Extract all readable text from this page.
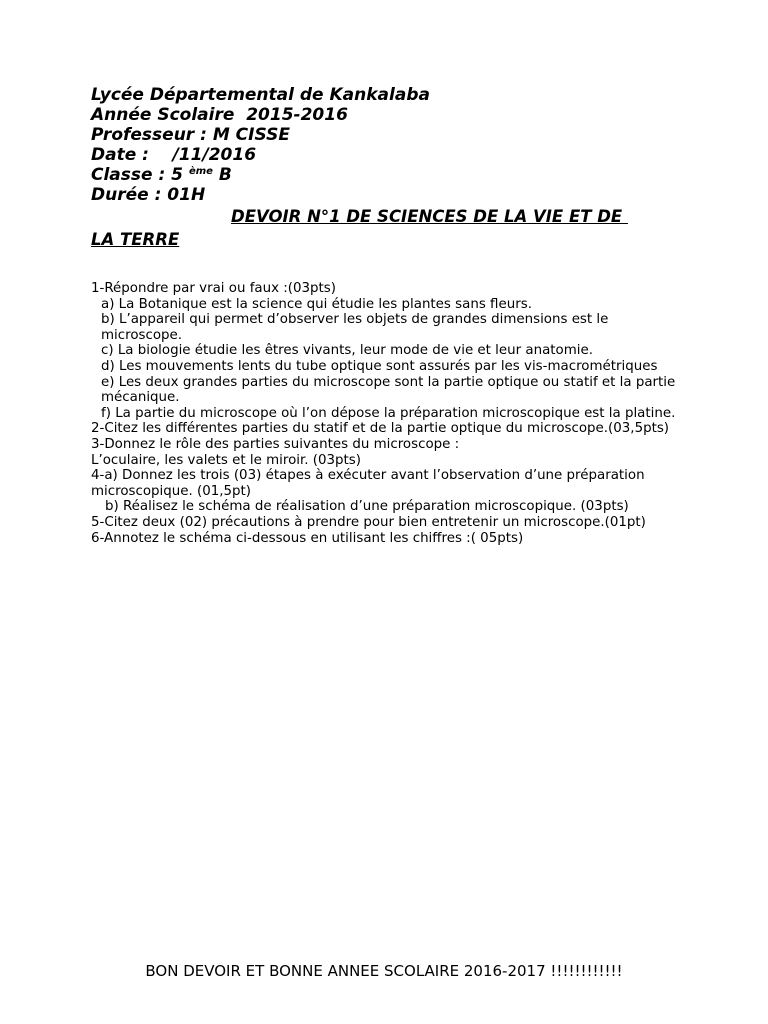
Lycée Départemental de Kankalaba
Année Scolaire  2015-2016
Professeur : M CISSE
Date :    /11/2016
Classe : 5 $^{ème}$ B
Durée : 01H
DEVOIR N°1 DE SCIENCES DE LA VIE ET DE
LA TERRE

1-Répondre par vrai ou faux :(03pts)

a) La Botanique est la science qui étudie les plantes sans fleurs.

b) L’appareil qui permet d’observer les objets de grandes dimensions est le microscope.

c) La biologie étudie les êtres vivants, leur mode de vie et leur anatomie.

d) Les mouvements lents du tube optique sont assurés par les vis-macrométriques

e) Les deux grandes parties du microscope sont la partie optique ou statif et la partie mécanique.

f) La partie du microscope où l’on dépose la préparation microscopique est la platine.

2-Citez les différentes parties du statif et de la partie optique du microscope.(03,5pts)

3-Donnez le rôle des parties suivantes du microscope :

L’oculaire, les valets et le miroir. (03pts)

4-a) Donnez les trois (03) étapes à exécuter avant l’observation d’une préparation microscopique. (01,5pt)

b) Réalisez le schéma de réalisation d’une préparation microscopique. (03pts)

5-Citez deux (02) précautions à prendre pour bien entretenir un microscope.(01pt)

6-Annotez le schéma ci-dessous en utilisant les chiffres :( 05pts)

BON DEVOIR ET BONNE ANNEE SCOLAIRE 2016-2017 !!!!!!!!!!!!
